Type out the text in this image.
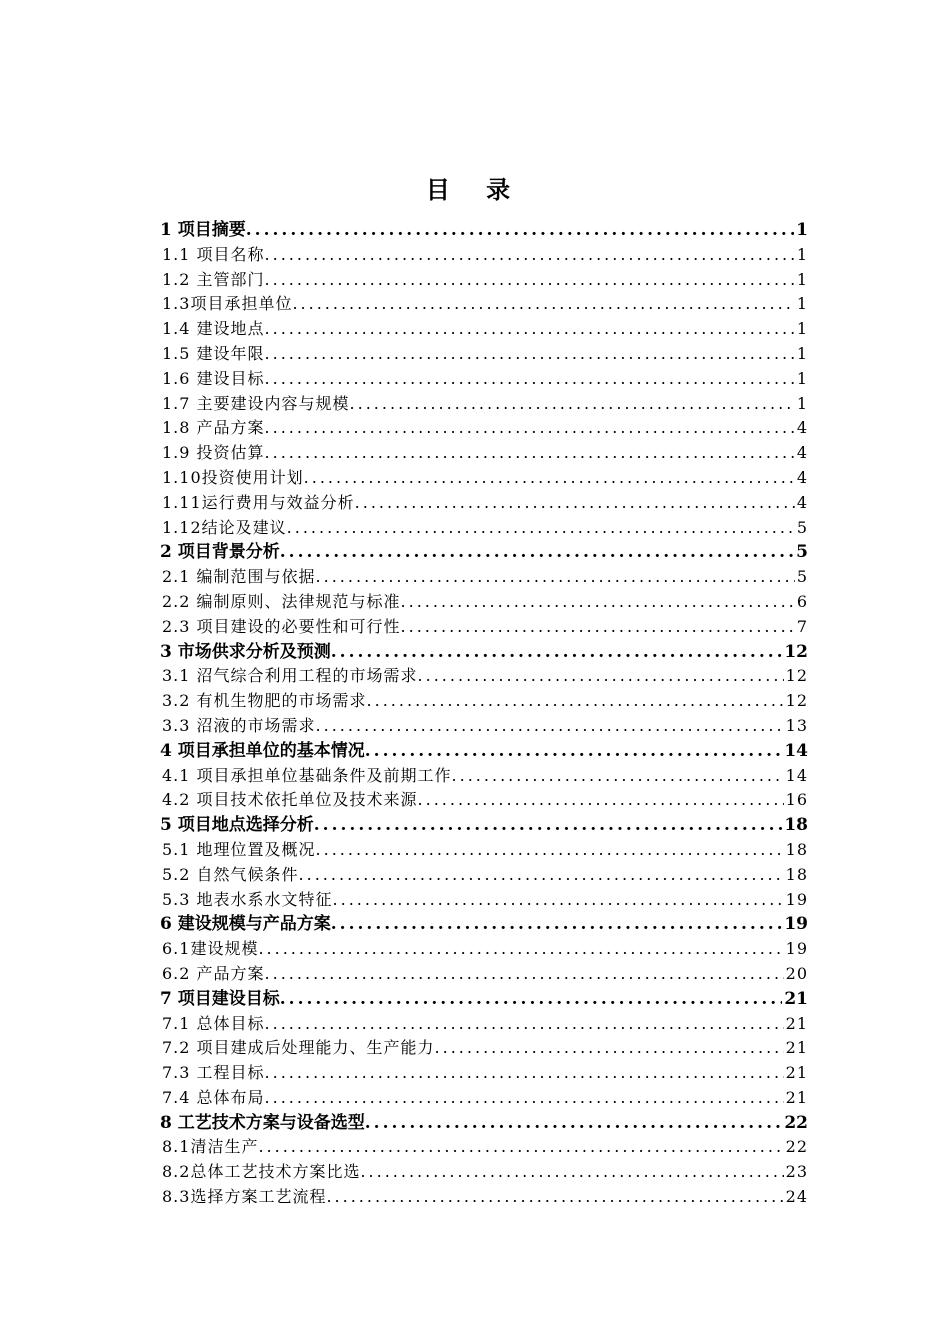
目 录
1 项目摘要 .....	1
1.1 项目名称 .....	1
1.2 主管部门 .....	1
1.3项目承担单位 .....	1
1.4 建设地点 .....	1
1.5 建设年限 .....	1
1.6 建设目标 .....	1
1.7 主要建设内容与规模 .....	1
1.8 产品方案 .....	4
1.9 投资估算 .....	4
1.10投资使用计划 .....	4
1.11运行费用与效益分析 .....	4
1.12结论及建议 .....	5
2 项目背景分析 .....	5
2.1 编制范围与依据 .....	5
2.2 编制原则、法律规范与标准 .....	6
2.3 项目建设的必要性和可行性 .....	7
3 市场供求分析及预测 .....	12
3.1 沼气综合利用工程的市场需求 .....	12
3.2 有机生物肥的市场需求 .....	12
3.3 沼液的市场需求 .....	13
4 项目承担单位的基本情况 .....	14
4.1 项目承担单位基础条件及前期工作 .....	14
4.2 项目技术依托单位及技术来源 .....	16
5 项目地点选择分析 .....	18
5.1 地理位置及概况 .....	18
5.2 自然气候条件 .....	18
5.3 地表水系水文特征 .....	19
6 建设规模与产品方案 .....	19
6.1建设规模 .....	19
6.2 产品方案 .....	20
7 项目建设目标 .....	21
7.1 总体目标 .....	21
7.2 项目建成后处理能力、生产能力 .....	21
7.3 工程目标 .....	21
7.4 总体布局 .....	21
8 工艺技术方案与设备选型 .....	22
8.1清洁生产 .....	22
8.2总体工艺技术方案比选 .....	23
8.3选择方案工艺流程 .....	24
